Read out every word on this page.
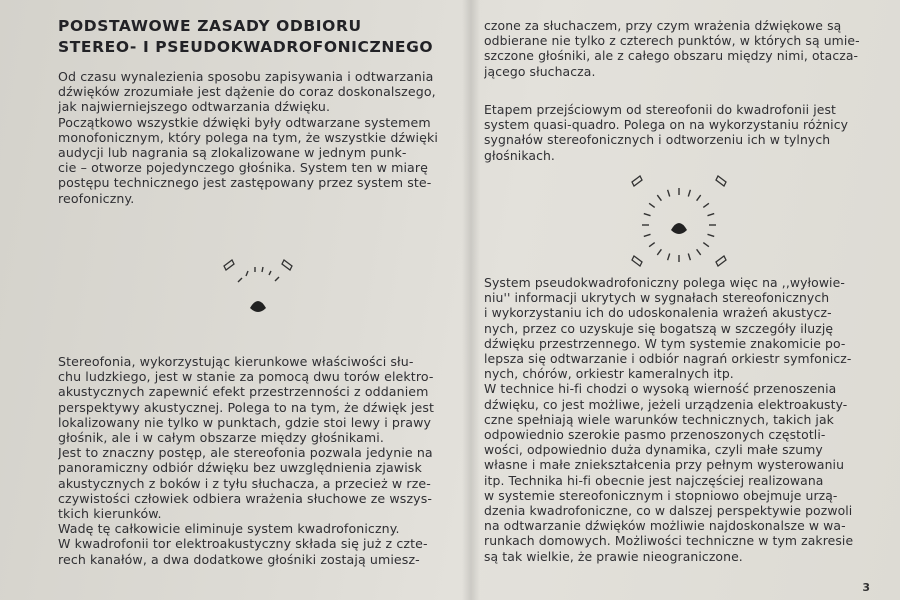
PODSTAWOWE ZASADY ODBIORU
STEREO- I PSEUDOKWADROFONICZNEGO
Od czasu wynalezienia sposobu zapisywania i odtwarzania
dźwięków zrozumiałe jest dążenie do coraz doskonalszego,
jak najwierniejszego odtwarzania dźwięku.
Początkowo wszystkie dźwięki były odtwarzane systemem
monofonicznym, który polega na tym, że wszystkie dźwięki
audycji lub nagrania są zlokalizowane w jednym punk-
cie – otworze pojedynczego głośnika. System ten w miarę
postępu technicznego jest zastępowany przez system ste-
reofoniczny.
Stereofonia, wykorzystując kierunkowe właściwości słu-
chu ludzkiego, jest w stanie za pomocą dwu torów elektro-
akustycznych zapewnić efekt przestrzenności z oddaniem
perspektywy akustycznej. Polega to na tym, że dźwięk jest
lokalizowany nie tylko w punktach, gdzie stoi lewy i prawy
głośnik, ale i w całym obszarze między głośnikami.
Jest to znaczny postęp, ale stereofonia pozwala jedynie na
panoramiczny odbiór dźwięku bez uwzględnienia zjawisk
akustycznych z boków i z tyłu słuchacza, a przecież w rze-
czywistości człowiek odbiera wrażenia słuchowe ze wszys-
tkich kierunków.
Wadę tę całkowicie eliminuje system kwadrofoniczny.
W kwadrofonii tor elektroakustyczny składa się już z czte-
rech kanałów, a dwa dodatkowe głośniki zostają umiesz-
czone za słuchaczem, przy czym wrażenia dźwiękowe są
odbierane nie tylko z czterech punktów, w których są umie-
szczone głośniki, ale z całego obszaru między nimi, otacza-
jącego słuchacza.
Etapem przejściowym od stereofonii do kwadrofonii jest
system quasi-quadro. Polega on na wykorzystaniu różnicy
sygnałów stereofonicznych i odtworzeniu ich w tylnych
głośnikach.
System pseudokwadrofoniczny polega więc na ,,wyłowie-
niu'' informacji ukrytych w sygnałach stereofonicznych
i wykorzystaniu ich do udoskonalenia wrażeń akustycz-
nych, przez co uzyskuje się bogatszą w szczegóły iluzję
dźwięku przestrzennego. W tym systemie znakomicie po-
lepsza się odtwarzanie i odbiór nagrań orkiestr symfonicz-
nych, chórów, orkiestr kameralnych itp.
W technice hi-fi chodzi o wysoką wierność przenoszenia
dźwięku, co jest możliwe, jeżeli urządzenia elektroakusty-
czne spełniają wiele warunków technicznych, takich jak
odpowiednio szerokie pasmo przenoszonych częstotli-
wości, odpowiednio duża dynamika, czyli małe szumy
własne i małe zniekształcenia przy pełnym wysterowaniu
itp. Technika hi-fi obecnie jest najczęściej realizowana
w systemie stereofonicznym i stopniowo obejmuje urzą-
dzenia kwadrofoniczne, co w dalszej perspektywie pozwoli
na odtwarzanie dźwięków możliwie najdoskonalsze w wa-
runkach domowych. Możliwości techniczne w tym zakresie
są tak wielkie, że prawie nieograniczone.
3
